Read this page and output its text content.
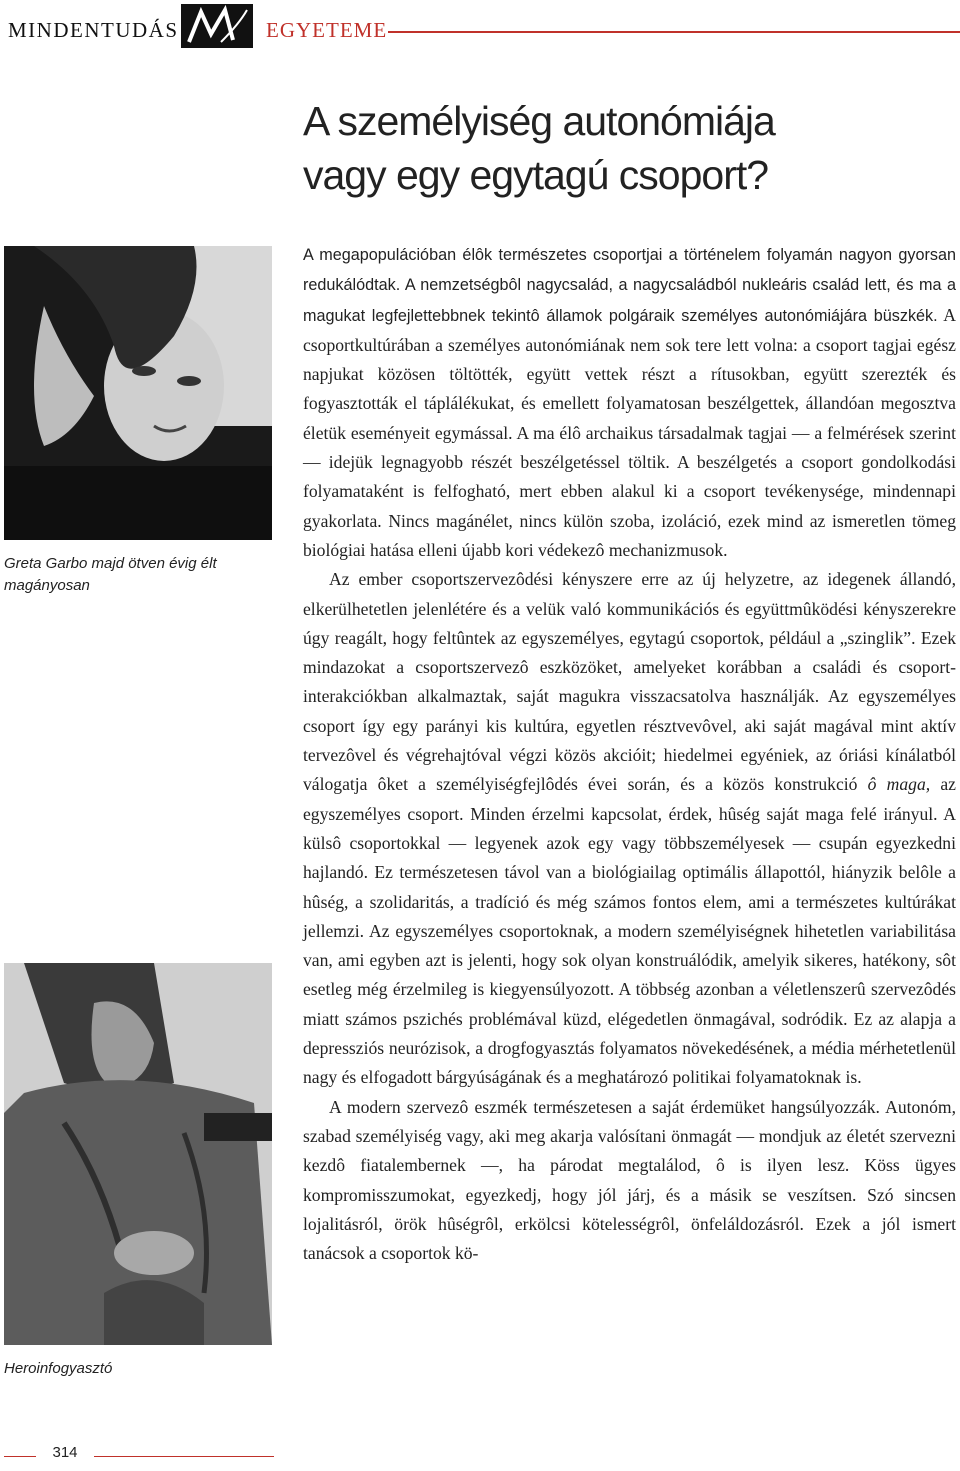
MINDENTUDÁS	EGYETEME
A személyiség autonómiája
vagy egy egytagú csoport?
Greta Garbo majd ötven évig élt magányosan
Heroinfogyasztó
314

A megapopulációban élôk természetes csoportjai a történelem folyamán nagyon gyorsan redukálódtak. A nemzetségbôl nagycsalád, a nagycsaládból nukleáris család lett, és ma a magukat legfejlettebbnek tekintô államok polgáraik személyes autonómiájára büszkék. A csoportkultúrában a személyes autonómiának nem sok tere lett volna: a csoport tagjai egész napjukat közösen töltötték, együtt vettek részt a rítusokban, együtt szerezték és fogyasztották el táplálékukat, és emellett folyamatosan beszélgettek, állandóan megosztva életük eseményeit egymással. A ma élô archaikus társadalmak tagjai — a felmérések szerint — idejük legnagyobb részét beszélgetéssel töltik. A beszélgetés a csoport gondolkodási folyamataként is felfogható, mert ebben alakul ki a csoport tevékenysége, mindennapi gyakorlata. Nincs magánélet, nincs külön szoba, izoláció, ezek mind az ismeretlen tömeg biológiai hatása elleni újabb kori védekezô mechanizmusok.

Az ember csoportszervezôdési kényszere erre az új helyzetre, az idegenek állandó, elkerülhetetlen jelenlétére és a velük való kommunikációs és együttmûködési kényszerekre úgy reagált, hogy feltûntek az egyszemélyes, egytagú csoportok, például a „szinglik”. Ezek mindazokat a csoportszervezô eszközöket, amelyeket korábban a családi és csoport-interakciókban alkalmaztak, saját magukra visszacsatolva használják. Az egyszemélyes csoport így egy parányi kis kultúra, egyetlen résztvevôvel, aki saját magával mint aktív tervezôvel és végrehajtóval végzi közös akcióit; hiedelmei egyéniek, az óriási kínálatból válogatja ôket a személyiségfejlôdés évei során, és a közös konstrukció ô maga, az egyszemélyes csoport. Minden érzelmi kapcsolat, érdek, hûség saját maga felé irányul. A külsô csoportokkal — legyenek azok egy vagy többszemélyesek — csupán egyezkedni hajlandó. Ez természetesen távol van a biológiailag optimális állapottól, hiányzik belôle a hûség, a szolidaritás, a tradíció és még számos fontos elem, ami a természetes kultúrákat jellemzi. Az egyszemélyes csoportoknak, a modern személyiségnek hihetetlen variabilitása van, ami egyben azt is jelenti, hogy sok olyan konstruálódik, amelyik sikeres, hatékony, sôt esetleg még érzelmileg is kiegyensúlyozott. A többség azonban a véletlenszerû szervezôdés miatt számos pszichés problémával küzd, elégedetlen önmagával, sodródik. Ez az alapja a depressziós neurózisok, a drogfogyasztás folyamatos növekedésének, a média mérhetetlenül nagy és elfogadott bárgyúságának és a meghatározó politikai folyamatoknak is.

A modern szervezô eszmék természetesen a saját érdemüket hangsúlyozzák. Autonóm, szabad személyiség vagy, aki meg akarja valósítani önmagát — mondjuk az életét szervezni kezdô fiatalembernek —, ha párodat megtalálod, ô is ilyen lesz. Köss ügyes kompromisszumokat, egyezkedj, hogy jól járj, és a másik se veszítsen. Szó sincsen lojalitásról, örök hûségrôl, erkölcsi kötelességrôl, önfeláldozásról. Ezek a jól ismert tanácsok a csoportok kö-
